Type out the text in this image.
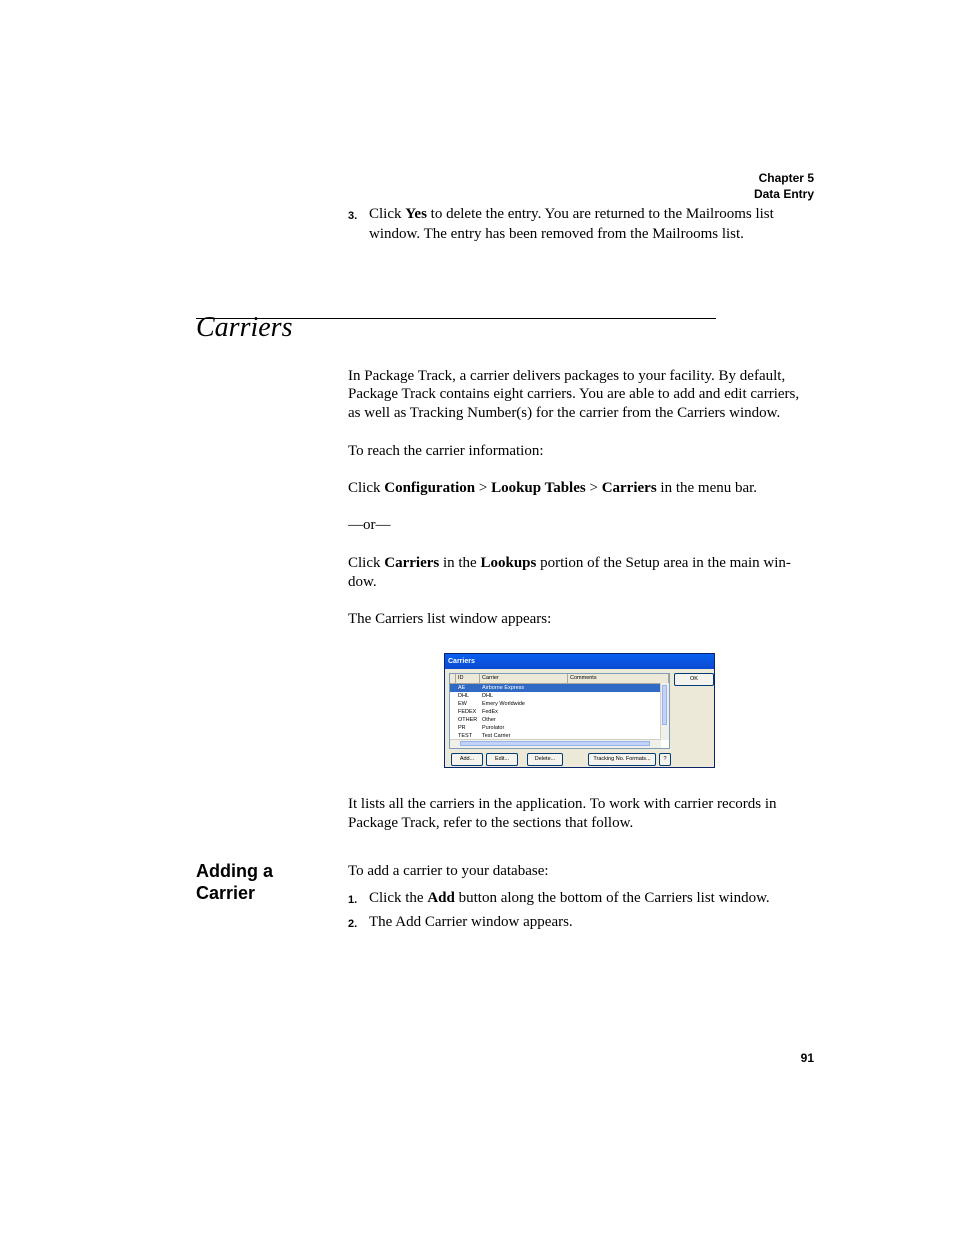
Chapter 5
Data Entry
3. Click Yes to delete the entry. You are returned to the Mailrooms list
window. The entry has been removed from the Mailrooms list.
Carriers
In Package Track, a carrier delivers packages to your facility. By default,
Package Track contains eight carriers. You are able to add and edit carriers,
as well as Tracking Number(s) for the carrier from the Carriers window.
To reach the carrier information:
Click Configuration > Lookup Tables > Carriers in the menu bar.
—or—
Click Carriers in the Lookups portion of the Setup area in the main win-
dow.
The Carriers list window appears:
Carriers
ID	Carrier	Comments
AE	Airborne Express
DHL	DHL
EW	Emery Worldwide
FEDEX	FedEx
OTHER Other
PR	Purolator
TEST	Test Carrier
OK
Add...	Edit...	Delete...	Tracking No. Formats...	?
It lists all the carriers in the application. To work with carrier records in
Package Track, refer to the sections that follow.
Adding a
Carrier
To add a carrier to your database:
1. Click the Add button along the bottom of the Carriers list window.
2. The Add Carrier window appears.
91
